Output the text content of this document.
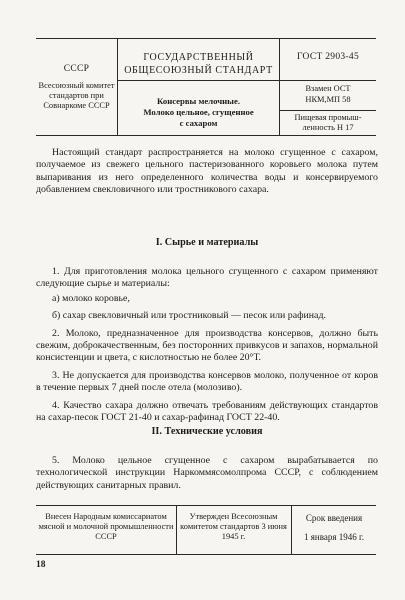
СССР
Всесоюзный комитет стандартов при Совнаркоме СССР
ГОСУДАРСТВЕННЫЙ
ОБЩЕСОЮЗНЫЙ СТАНДАРТ
Консервы мелочные.
Молоко цельное, сгущенное
с сахаром
ГОСТ 2903-45
Взамен ОСТ
НКМ,МП 58
Пищевая промыш-
ленность Н 17

Настоящий стандарт распространяется на молоко сгущенное с сахаром, получаемое из свежего цельного пастеризованного коровьего молока путем выпаривания из него определенного количества воды и консервируемого добавлением свекловичного или тростникового сахара.

I. Сырье и материалы

1. Для приготовления молока цельного сгущенного с сахаром применяют следующие сырье и материалы:

а) молоко коровье,

б) сахар свекловичный или тростниковый — песок или рафинад.

2. Молоко, предназначенное для производства консервов, должно быть свежим, доброкачественным, без посторонних привкусов и запахов, нормальной консистенции и цвета, с кислотностью не более 20°Т.

3. Не допускается для производства консервов молоко, полученное от коров в течение первых 7 дней после отела (молозиво).

4. Качество сахара должно отвечать требованиям действующих стандартов на сахар-песок ГОСТ 21-40 и сахар-рафинад ГОСТ 22-40.

II. Технические условия

5. Молоко цельное сгущенное с сахаром вырабатывается по технологической инструкции Наркоммясомолпрома СССР, с соблюдением действующих санитарных правил.

Внесен Народным комиссариатом мясной и молочной промышленности СССР
Утвержден Всесоюзным комитетом стандартов 3 июня 1945 г.
Срок введения
1 января 1946 г.
18
